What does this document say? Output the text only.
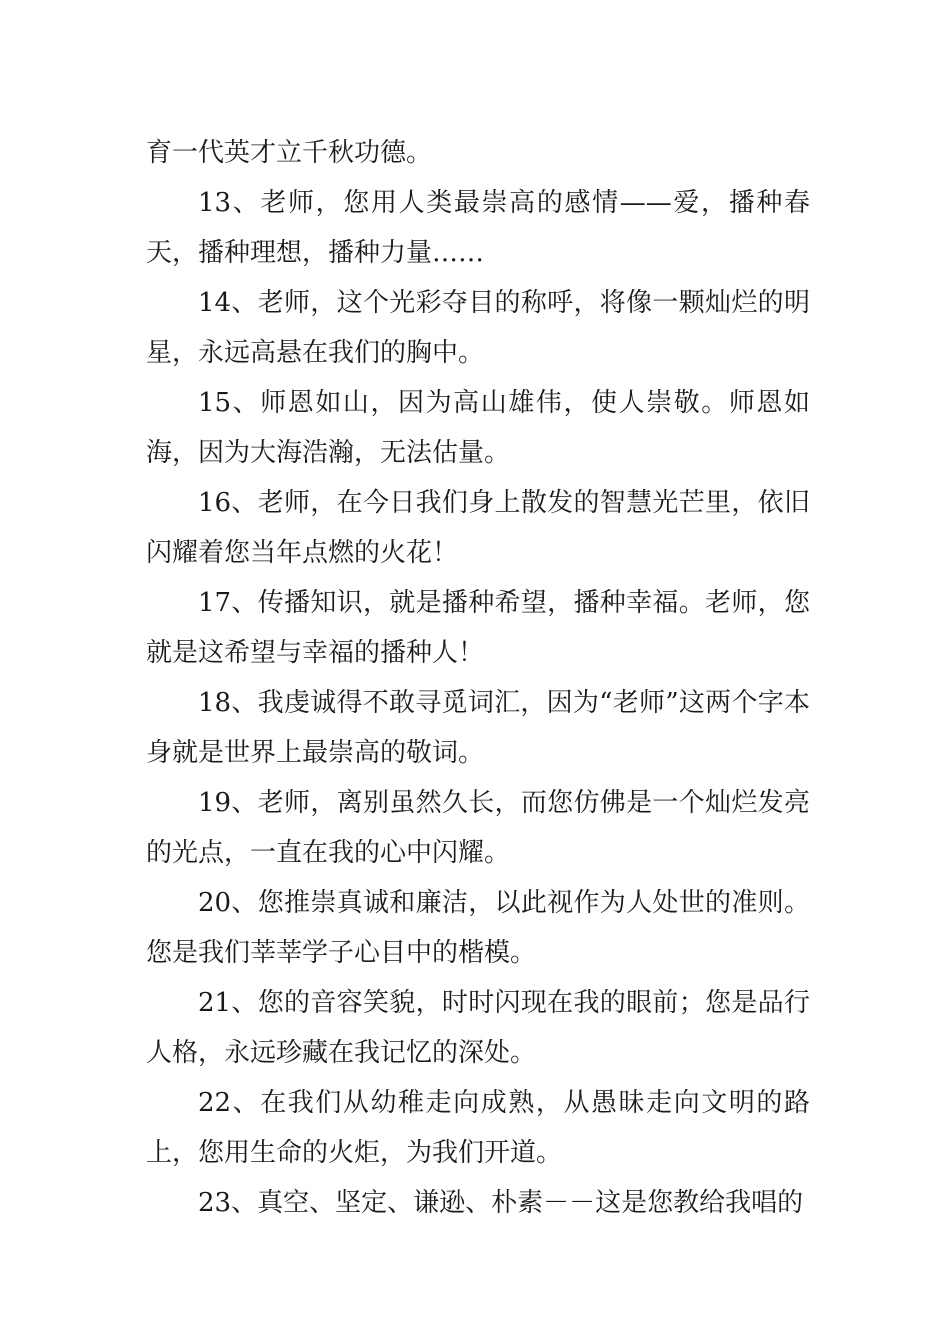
育一代英才立千秋功德。

13、老师，您用人类最崇高的感情——爱，播种春天，播种理想，播种力量……

14、老师，这个光彩夺目的称呼，将像一颗灿烂的明星，永远高悬在我们的胸中。

15、师恩如山，因为高山雄伟，使人崇敬。师恩如海，因为大海浩瀚，无法估量。

16、老师，在今日我们身上散发的智慧光芒里，依旧闪耀着您当年点燃的火花！

17、传播知识，就是播种希望，播种幸福。老师，您就是这希望与幸福的播种人！

18、我虔诚得不敢寻觅词汇，因为“老师”这两个字本身就是世界上最崇高的敬词。

19、老师，离别虽然久长，而您仿佛是一个灿烂发亮的光点，一直在我的心中闪耀。

20、您推崇真诚和廉洁，以此视作为人处世的准则。您是我们莘莘学子心目中的楷模。

21、您的音容笑貌，时时闪现在我的眼前；您是品行人格，永远珍藏在我记忆的深处。

22、在我们从幼稚走向成熟，从愚昧走向文明的路上，您用生命的火炬，为我们开道。

23、真空、坚定、谦逊、朴素－－这是您教给我唱的
